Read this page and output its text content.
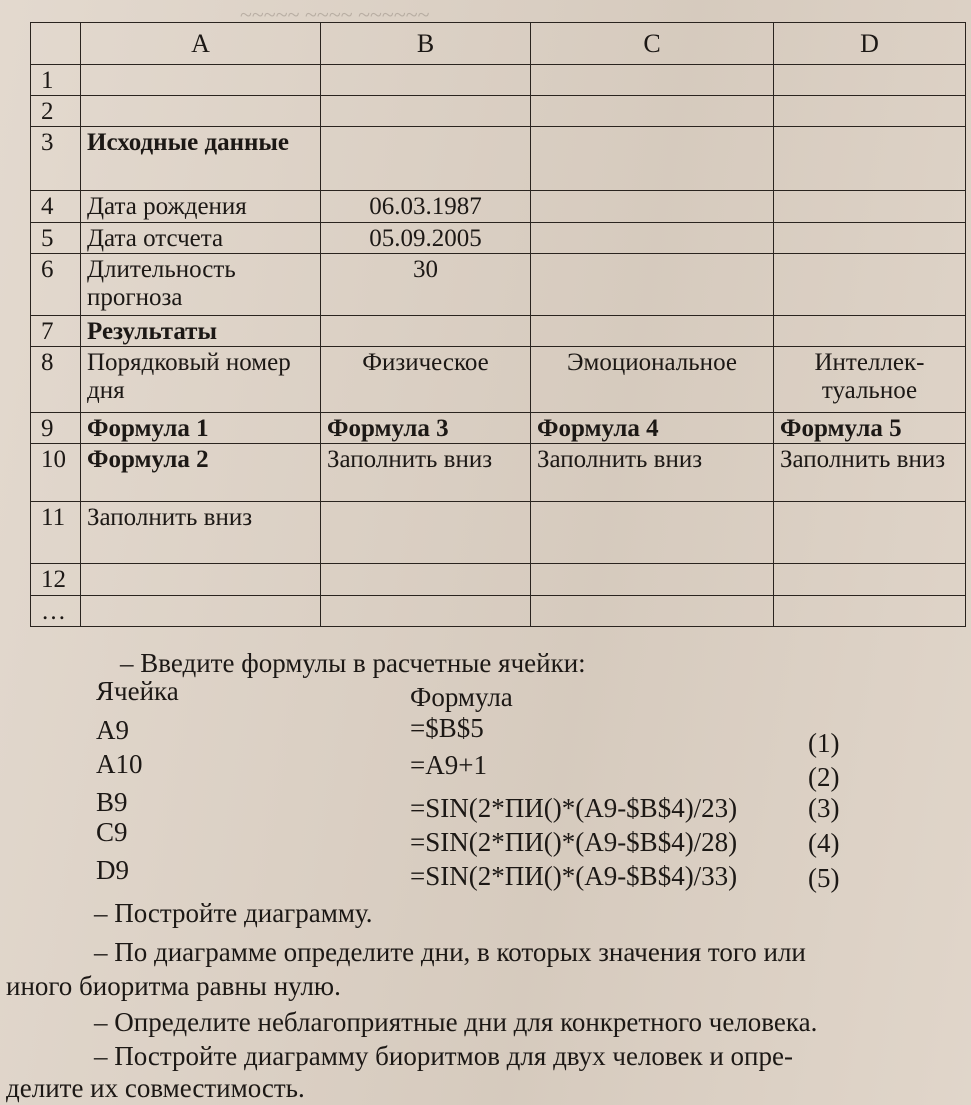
~~~~~ ~~~~ ~~~~~~
	A	B	C	D
1				
2				
3	Исходные данные			
4	Дата рождения	06.03.1987		
5	Дата отсчета	05.09.2005		
6	Длительность прогноза	30		
7	Результаты			
8	Порядковый номер дня	Физическое	Эмоциональное	Интеллек-туальное
9	Формула 1	Формула 3	Формула 4	Формула 5
10	Формула 2	Заполнить вниз	Заполнить вниз	Заполнить вниз
11	Заполнить вниз			
12				
…				
– Введите формулы в расчетные ячейки:
Ячейка	Формула
A9	=$B$5	(1)
A10	=A9+1	(2)
B9	=SIN(2*ПИ()*(A9-$B$4)/23)	(3)
C9	=SIN(2*ПИ()*(A9-$B$4)/28)	(4)
D9	=SIN(2*ПИ()*(A9-$B$4)/33)	(5)
– Постройте диаграмму.
– По диаграмме определите дни, в которых значения того или
иного биоритма равны нулю.
– Определите неблагоприятные дни для конкретного человека.
– Постройте диаграмму биоритмов для двух человек и опре-
делите их совместимость.
